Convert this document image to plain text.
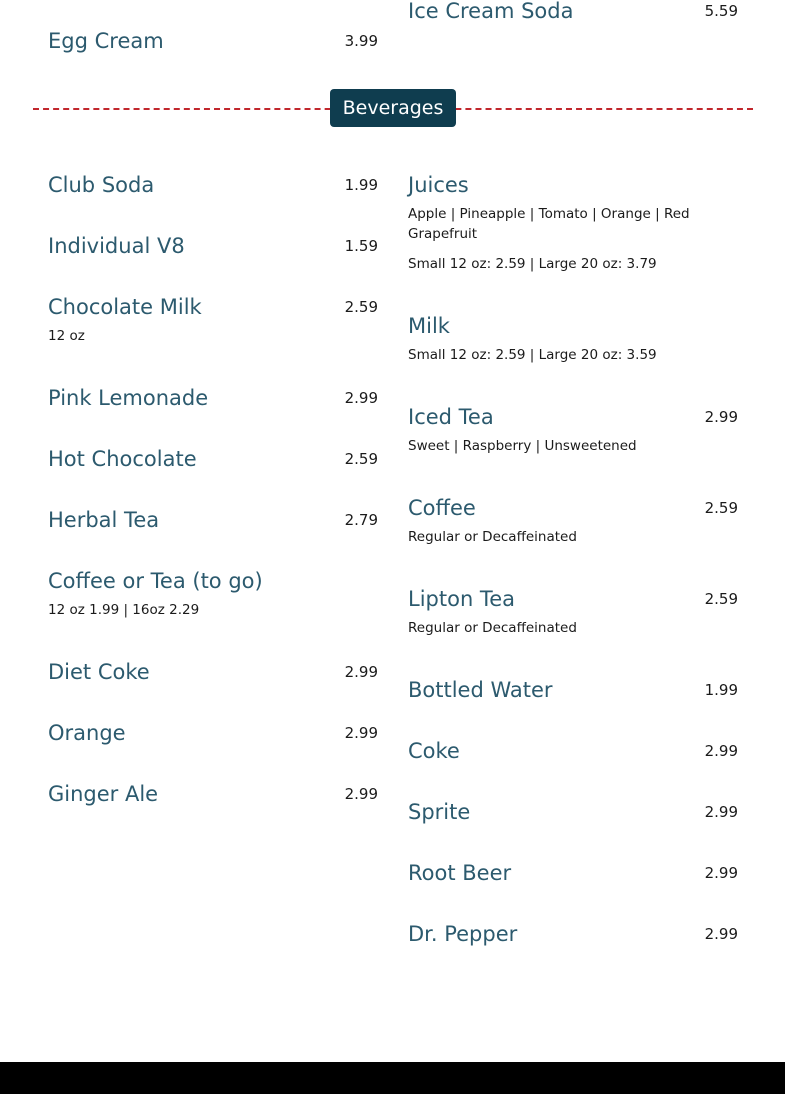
Ice Cream Soda	5.59
Egg Cream	3.99
Beverages
Club Soda	1.99
Individual V8	1.59
Chocolate Milk	2.59
12 oz
Pink Lemonade	2.99
Hot Chocolate	2.59
Herbal Tea	2.79
Coffee or Tea (to go)
12 oz 1.99 | 16oz 2.29
Diet Coke	2.99
Orange	2.99
Ginger Ale	2.99
Juices
Apple | Pineapple | Tomato | Orange | Red Grapefruit
Small 12 oz: 2.59 | Large 20 oz: 3.79
Milk
Small 12 oz: 2.59 | Large 20 oz: 3.59
Iced Tea	2.99
Sweet | Raspberry | Unsweetened
Coffee	2.59
Regular or Decaffeinated
Lipton Tea	2.59
Regular or Decaffeinated
Bottled Water	1.99
Coke	2.99
Sprite	2.99
Root Beer	2.99
Dr. Pepper	2.99
